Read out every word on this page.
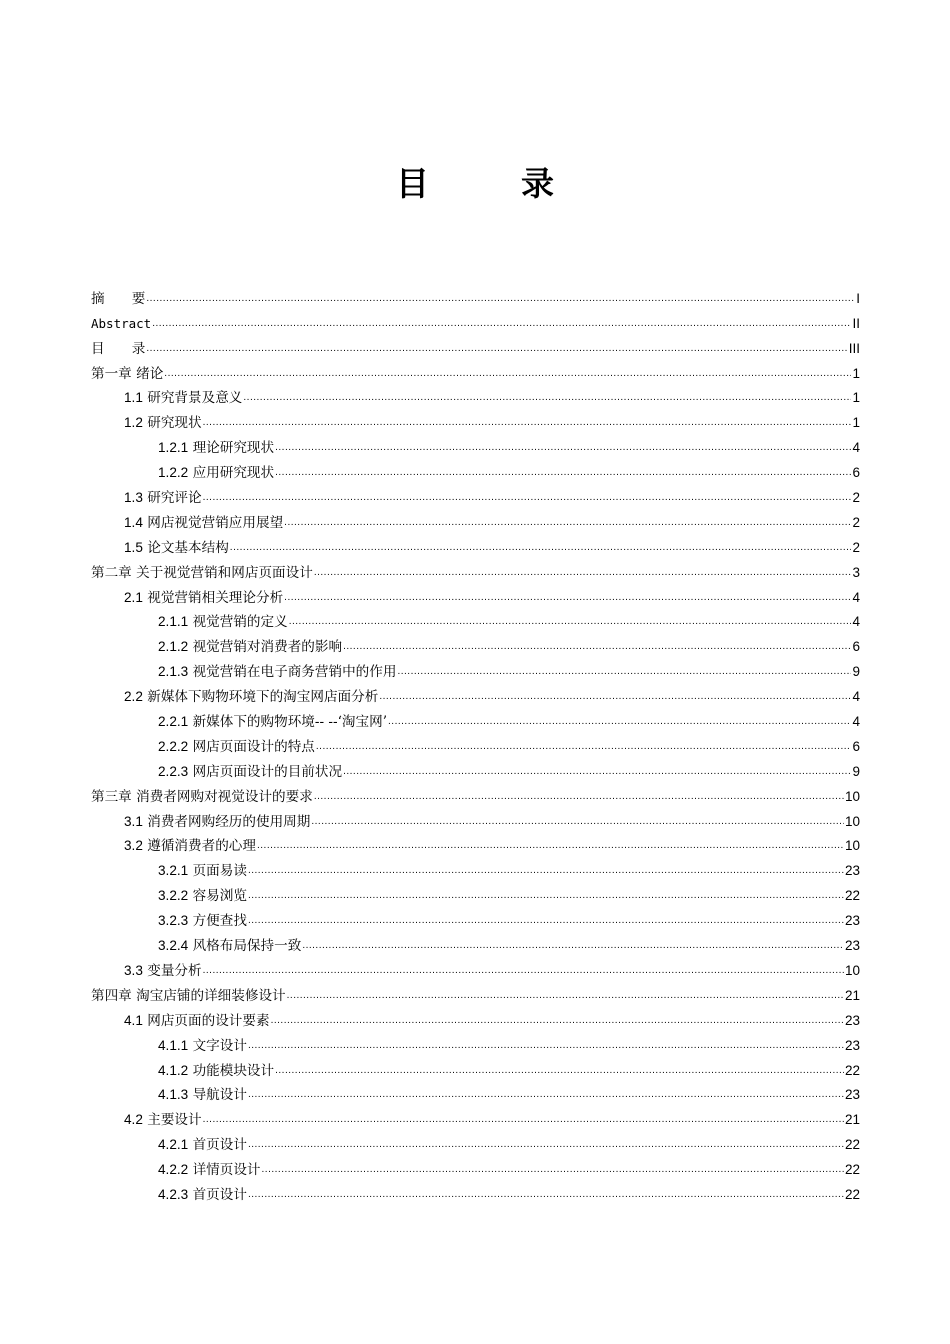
目	录
摘　　要 .....	I
Abstract .....	II
目　　录 .....	III
第一章 绪论 .....	1
1.1 研究背景及意义 .....	1
1.2 研究现状 .....	1
1.2.1 理论研究现状 .....	4
1.2.2 应用研究现状 .....	6
1.3 研究评论 .....	2
1.4 网店视觉营销应用展望 .....	2
1.5 论文基本结构 .....	2
第二章 关于视觉营销和网店页面设计 .....	3
2.1 视觉营销相关理论分析 .....	4
2.1.1 视觉营销的定义 .....	4
2.1.2 视觉营销对消费者的影响 .....	6
2.1.3 视觉营销在电子商务营销中的作用 .....	9
2.2 新媒体下购物环境下的淘宝网店面分析 .....	4
2.2.1 新媒体下的购物环境-- --‘淘宝网’ .....	4
2.2.2 网店页面设计的特点 .....	6
2.2.3 网店页面设计的目前状况 .....	9
第三章 消费者网购对视觉设计的要求 .....	10
3.1 消费者网购经历的使用周期 .....	10
3.2 遵循消费者的心理 .....	10
3.2.1 页面易读 .....	23
3.2.2 容易浏览 .....	22
3.2.3 方便查找 .....	23
3.2.4 风格布局保持一致 .....	23
3.3 变量分析 .....	10
第四章 淘宝店铺的详细装修设计 .....	21
4.1 网店页面的设计要素 .....	23
4.1.1 文字设计 .....	23
4.1.2 功能模块设计 .....	22
4.1.3 导航设计 .....	23
4.2 主要设计 .....	21
4.2.1 首页设计 .....	22
4.2.2 详情页设计 .....	22
4.2.3 首页设计 .....	22
